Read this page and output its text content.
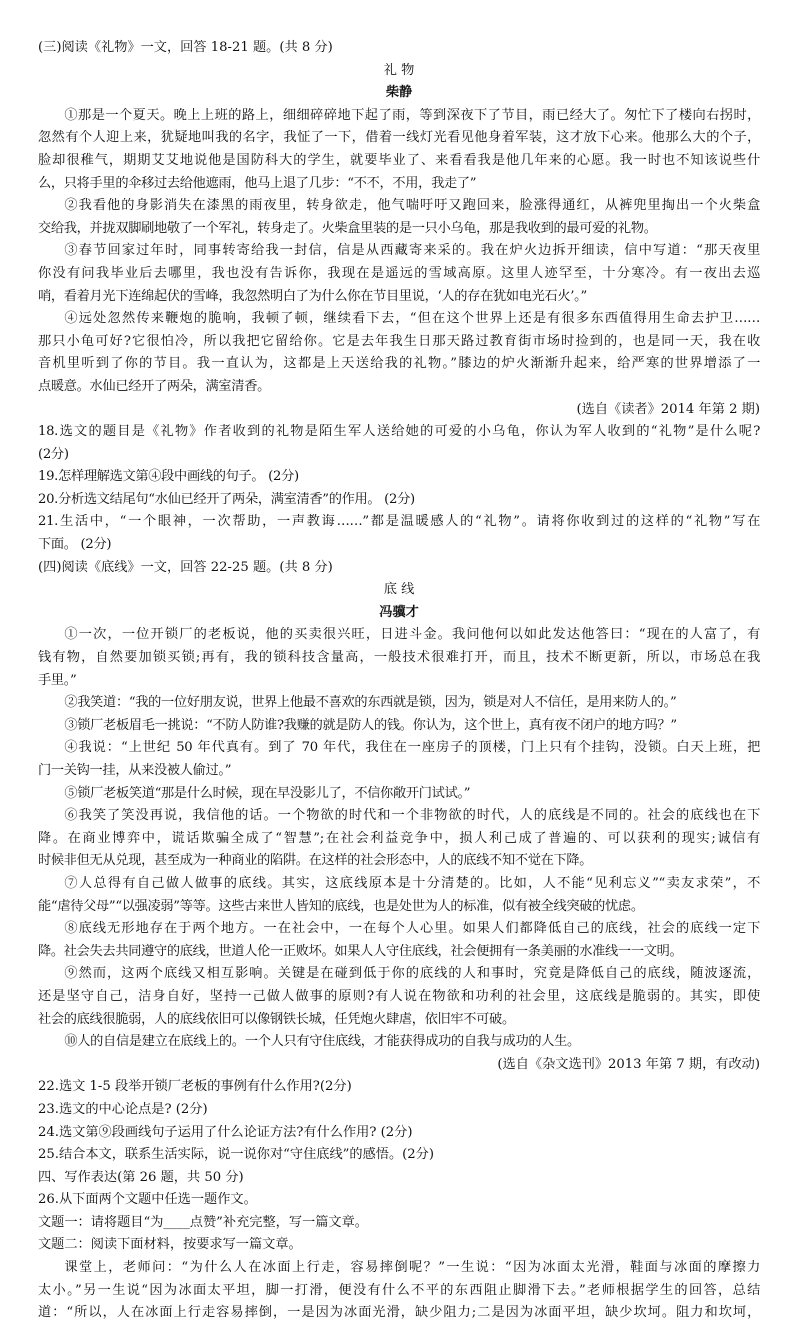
(三)阅读《礼物》一文，回答 18-21 题。(共 8 分)
礼 物
柴静
①那是一个夏天。晚上上班的路上，细细碎碎地下起了雨，等到深夜下了节目，雨已经大了。匆忙下了楼向右拐时，
忽然有个人迎上来，犹疑地叫我的名字，我怔了一下，借着一线灯光看见他身着军装，这才放下心来。他那么大的个子，
脸却很稚气，期期艾艾地说他是国防科大的学生，就要毕业了、来看看我是他几年来的心愿。我一时也不知该说些什
么，只将手里的伞移过去给他遮雨，他马上退了几步：“不不，不用，我走了”
②我看他的身影消失在漆黑的雨夜里，转身欲走，他气喘吁吁又跑回来，脸涨得通红，从裤兜里掏出一个火柴盒
交给我，并拢双脚刷地敬了一个军礼，转身走了。火柴盒里装的是一只小乌龟，那是我收到的最可爱的礼物。
③春节回家过年时，同事转寄给我一封信，信是从西藏寄来采的。我在炉火边拆开细读，信中写道：“那天夜里
你没有问我毕业后去哪里，我也没有告诉你，我现在是遥远的雪域高原。这里人迹罕至，十分寒冷。有一夜出去巡
哨，看着月光下连绵起伏的雪峰，我忽然明白了为什么你在节目里说，‘人的存在犹如电光石火’。”
④远处忽然传来鞭炮的脆响，我顿了顿，继续看下去，“但在这个世界上还是有很多东西值得用生命去护卫……
那只小龟可好?它很怕冷，所以我把它留给你。它是去年我生日那天路过教育街市场时捡到的，也是同一天，我在收
音机里听到了你的节目。我一直认为，这都是上天送给我的礼物。”膝边的炉火渐渐升起来，给严寒的世界增添了一
点暖意。水仙已经开了两朵，满室清香。
(选自《读者》2014 年第 2 期)
18.选文的题目是《礼物》作者收到的礼物是陌生军人送给她的可爱的小乌龟，你认为军人收到的“礼物”是什么呢?
(2分)
19.怎样理解选文第④段中画线的句子。 (2分)
20.分析选文结尾句“水仙已经开了两朵，满室清香”的作用。 (2分)
21.生活中，“一个眼神，一次帮助，一声教诲……”都是温暖感人的“礼物”。请将你收到过的这样的“礼物”写在
下面。 (2分)
(四)阅读《底线》一文，回答 22-25 题。(共 8 分)
底 线
冯骥才
①一次，一位开锁厂的老板说，他的买卖很兴旺，日进斗金。我问他何以如此发达他答曰：“现在的人富了，有
钱有物，自然要加锁买锁;再有，我的锁科技含量高，一般技术很难打开，而且，技术不断更新，所以，市场总在我
手里。”
②我笑道：“我的一位好朋友说，世界上他最不喜欢的东西就是锁，因为，锁是对人不信任，是用来防人的。”
③锁厂老板眉毛一挑说：“不防人防谁?我赚的就是防人的钱。你认为，这个世上，真有夜不闭户的地方吗？”
④我说：“上世纪 50 年代真有。到了 70 年代，我住在一座房子的顶楼，门上只有个挂钩，没锁。白天上班，把
门一关钩一挂，从来没被人偷过。”
⑤锁厂老板笑道“那是什么时候，现在早没影儿了，不信你敞开门试试。”
⑥我笑了笑没再说，我信他的话。一个物欲的时代和一个非物欲的时代，人的底线是不同的。社会的底线也在下
降。在商业博弈中，谎话欺骗全成了“智慧”;在社会利益竞争中，损人利己成了普遍的、可以获利的现实;诚信有
时候非但无从兑现，甚至成为一种商业的陷阱。在这样的社会形态中，人的底线不知不觉在下降。
⑦人总得有自己做人做事的底线。其实，这底线原本是十分清楚的。比如，人不能“见利忘义”“卖友求荣”，不
能“虐待父母”“以强凌弱”等等。这些古来世人皆知的底线，也是处世为人的标准，似有被全线突破的忧虑。
⑧底线无形地存在于两个地方。一在社会中，一在每个人心里。如果人们都降低自己的底线，社会的底线一定下
降。社会失去共同遵守的底线，世道人伦一正败坏。如果人人守住底线，社会便拥有一条美丽的水准线一一文明。
⑨然而，这两个底线又相互影响。关键是在碰到低于你的底线的人和事时，究竟是降低自己的底线，随波逐流，
还是坚守自己，洁身自好，坚持一己做人做事的原则?有人说在物欲和功利的社会里，这底线是脆弱的。其实，即使
社会的底线很脆弱，人的底线依旧可以像钢铁长城，任凭炮火肆虐，依旧牢不可破。
⑩人的自信是建立在底线上的。一个人只有守住底线，才能获得成功的自我与成功的人生。
(选自《杂文选刊》2013 年第 7 期，有改动)
22.选文 1-5 段举开锁厂老板的事例有什么作用?(2分)
23.选文的中心论点是? (2分)
24.选文第⑨段画线句子运用了什么论证方法?有什么作用? (2分)
25.结合本文，联系生活实际，说一说你对“守住底线”的感悟。(2分)
四、写作表达(第 26 题，共 50 分)
26.从下面两个文题中任选一题作文。
文题一：请将题目“为____点赞”补充完整，写一篇文章。
文题二：阅读下面材料，按要求写一篇文章。
课堂上，老师问：“为什么人在冰面上行走，容易摔倒呢？”一生说：“因为冰面太光滑，鞋面与冰面的摩擦力
太小。”另一生说“因为冰面太平坦，脚一打滑，便没有什么不平的东西阻止脚滑下去。”老师根据学生的回答，总结
道：“所以，人在冰面上行走容易摔倒，一是因为冰面光滑，缺少阻力;二是因为冰面平坦，缺少坎坷。阻力和坎坷，
